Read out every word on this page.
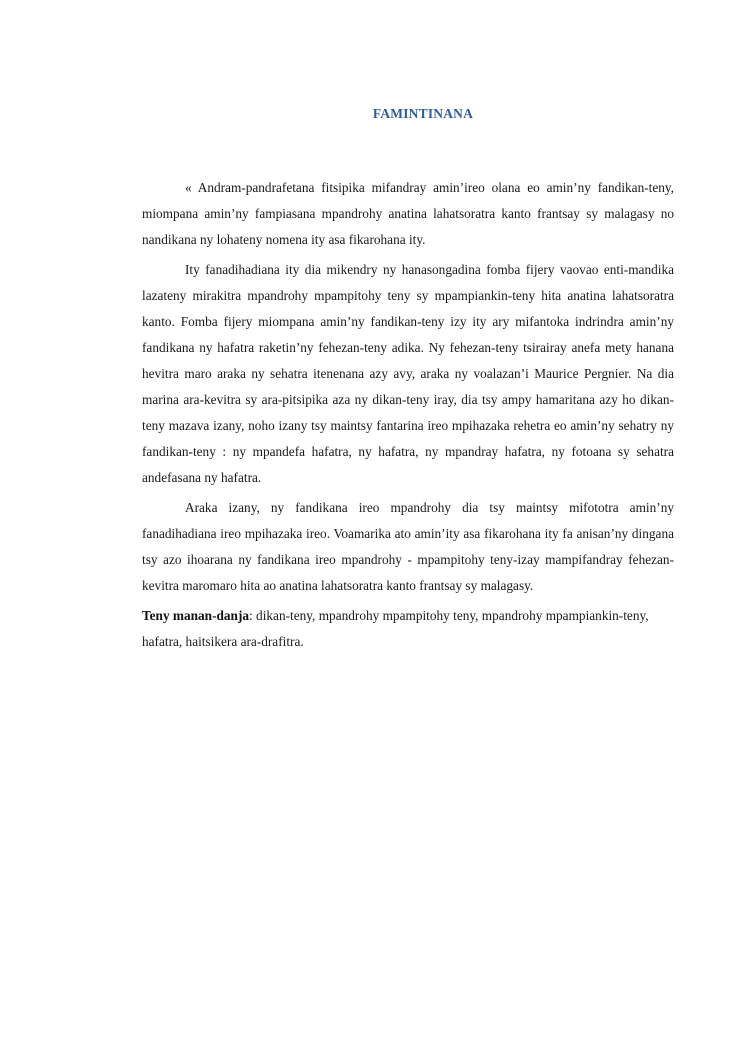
FAMINTINANA

« Andram-pandrafetana fitsipika mifandray amin’ireo olana eo amin’ny fandikan-teny, miompana amin’ny fampiasana mpandrohy anatina lahatsoratra kanto frantsay sy malagasy no nandikana ny lohateny nomena ity asa fikarohana ity.

Ity fanadihadiana ity dia mikendry ny hanasongadina fomba fijery vaovao enti-mandika lazateny mirakitra mpandrohy mpampitohy teny sy mpampiankin-teny hita anatina lahatsoratra kanto. Fomba fijery miompana amin’ny fandikan-teny izy ity ary mifantoka indrindra amin’ny fandikana ny hafatra raketin’ny fehezan-teny adika. Ny fehezan-teny tsirairay anefa mety hanana hevitra maro araka ny sehatra itenenana azy avy, araka ny voalazan’i Maurice Pergnier. Na dia marina ara-kevitra sy ara-pitsipika aza ny dikan-teny iray, dia tsy ampy hamaritana azy ho dikan-teny mazava izany, noho izany tsy maintsy fantarina ireo mpihazaka rehetra eo amin’ny sehatry ny fandikan-teny : ny mpandefa hafatra, ny hafatra, ny mpandray hafatra, ny fotoana sy sehatra andefasana ny hafatra.

Araka izany, ny fandikana ireo mpandrohy dia tsy maintsy mifototra amin’ny fanadihadiana ireo mpihazaka ireo. Voamarika ato amin’ity asa fikarohana ity fa anisan’ny dingana tsy azo ihoarana ny fandikana ireo mpandrohy - mpampitohy teny-izay mampifandray fehezan-kevitra maromaro hita ao anatina lahatsoratra kanto frantsay sy malagasy.

Teny manan-danja: dikan-teny, mpandrohy mpampitohy teny, mpandrohy mpampiankin-teny, hafatra, haitsikera ara-drafitra.
